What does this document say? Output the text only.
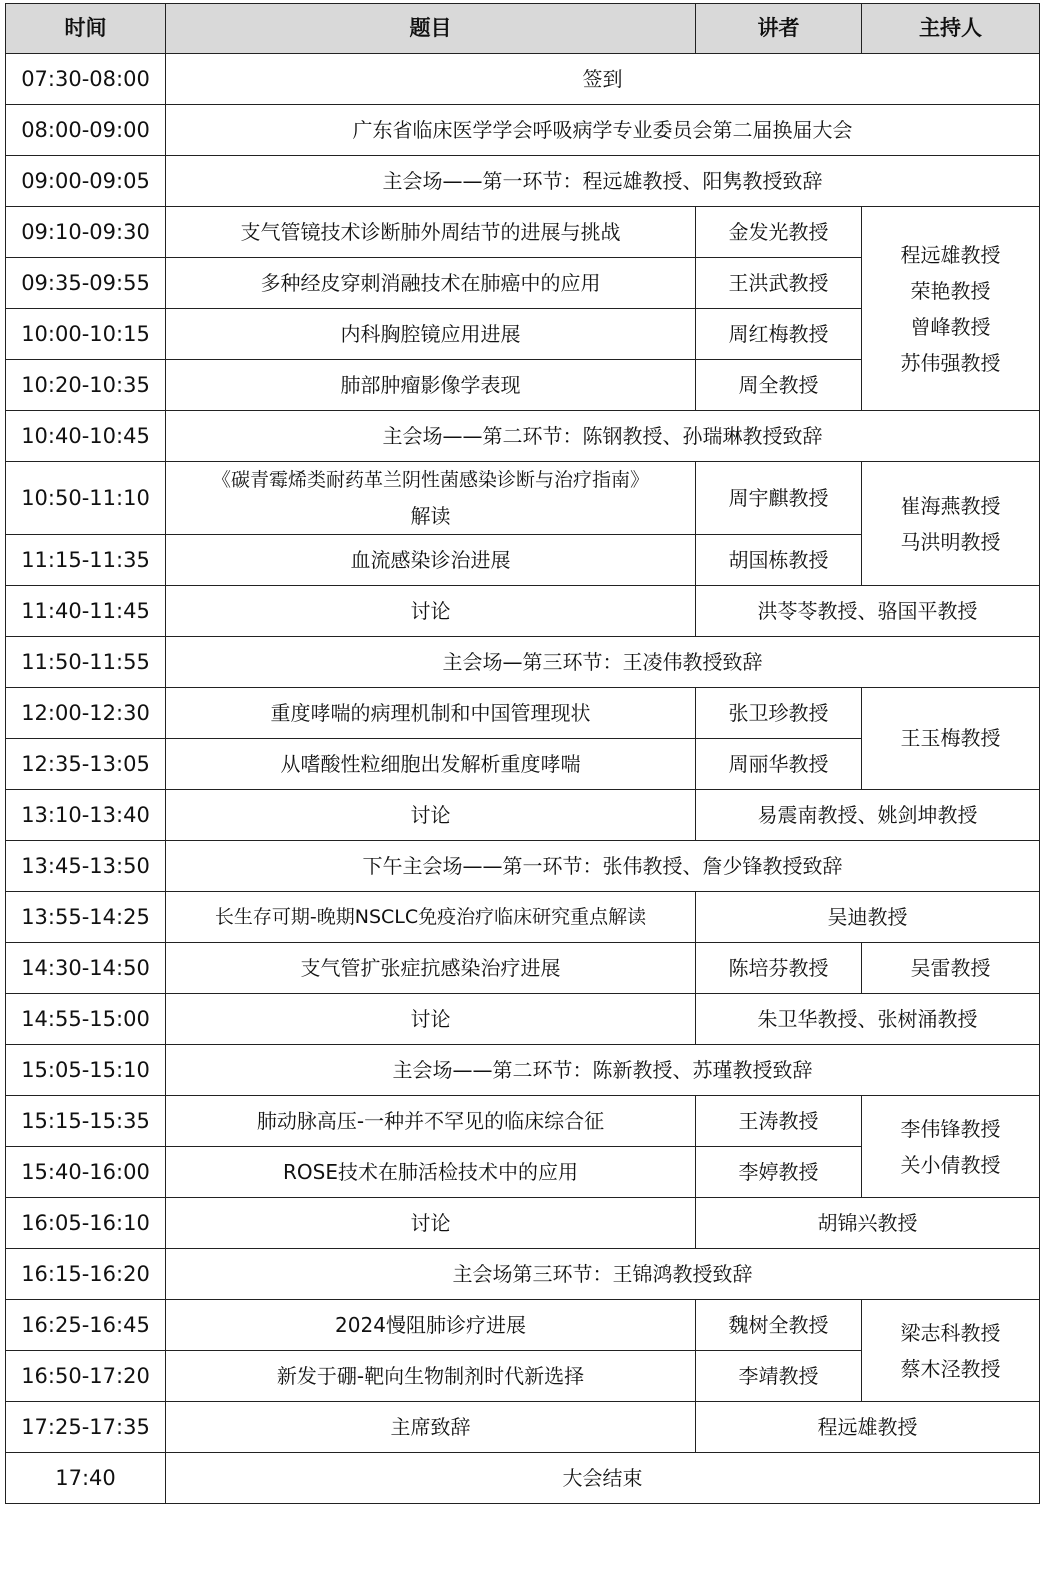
时间	题目	讲者	主持人
07:30-08:00	签到		
08:00-09:00	广东省临床医学学会呼吸病学专业委员会第二届换届大会		
09:00-09:05	主会场——第一环节：程远雄教授、阳隽教授致辞		
09:10-09:30	支气管镜技术诊断肺外周结节的进展与挑战	金发光教授	程远雄教授
荣艳教授
曾峰教授
苏伟强教授

09:35-09:55	多种经皮穿刺消融技术在肺癌中的应用	王洪武教授	
10:00-10:15	内科胸腔镜应用进展	周红梅教授	
10:20-10:35	肺部肿瘤影像学表现	周全教授	
10:40-10:45	主会场——第二环节：陈钢教授、孙瑞琳教授致辞		
10:50-11:10	《碳青霉烯类耐药革兰阴性菌感染诊断与治疗指南》
解读	周宇麒教授	崔海燕教授
马洪明教授

11:15-11:35	血流感染诊治进展	胡国栋教授	
11:40-11:45	讨论	洪苓苓教授、骆国平教授	
11:50-11:55	主会场—第三环节：王凌伟教授致辞		
12:00-12:30	重度哮喘的病理机制和中国管理现状	张卫珍教授	王玉梅教授
12:35-13:05	从嗜酸性粒细胞出发解析重度哮喘	周丽华教授	
13:10-13:40	讨论	易震南教授、姚剑坤教授	
13:45-13:50	下午主会场——第一环节：张伟教授、詹少锋教授致辞		
13:55-14:25	长生存可期-晚期NSCLC免疫治疗临床研究重点解读	吴迪教授	
14:30-14:50	支气管扩张症抗感染治疗进展	陈培芬教授	吴雷教授
14:55-15:00	讨论	朱卫华教授、张树涌教授	
15:05-15:10	主会场——第二环节：陈新教授、苏瑾教授致辞		
15:15-15:35	肺动脉高压-一种并不罕见的临床综合征	王涛教授	李伟锋教授
关小倩教授

15:40-16:00	ROSE技术在肺活检技术中的应用	李婷教授	
16:05-16:10	讨论	胡锦兴教授	
16:15-16:20	主会场第三环节：王锦鸿教授致辞		
16:25-16:45	2024慢阻肺诊疗进展	魏树全教授	梁志科教授
蔡木泾教授

16:50-17:20	新发于硼-靶向生物制剂时代新选择	李靖教授	
17:25-17:35	主席致辞	程远雄教授	
17:40	大会结束		
